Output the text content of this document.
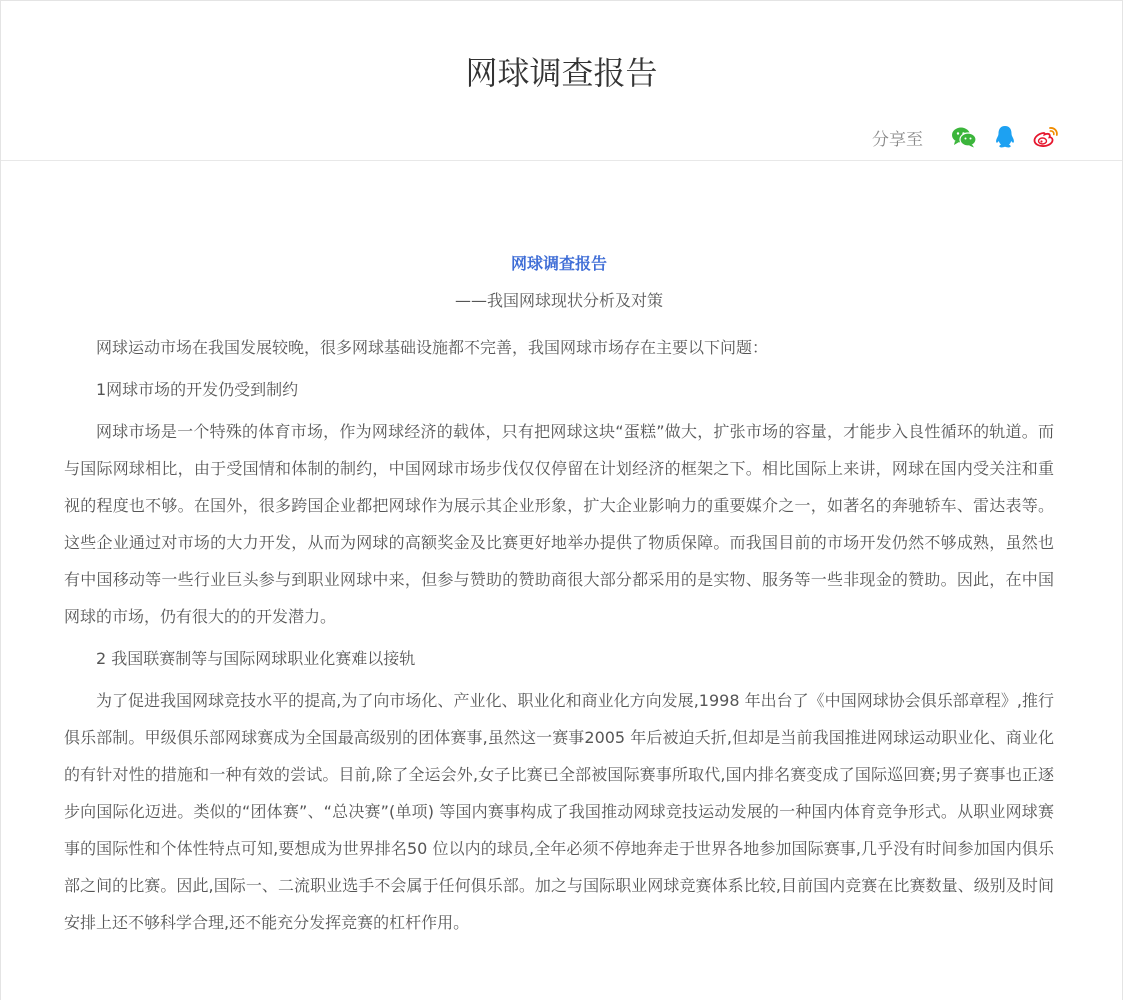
网球调查报告
分享至

网球调查报告

——我国网球现状分析及对策

网球运动市场在我国发展较晚，很多网球基础设施都不完善，我国网球市场存在主要以下问题：

1网球市场的开发仍受到制约

网球市场是一个特殊的体育市场，作为网球经济的载体，只有把网球这块“蛋糕”做大，扩张市场的容量，才能步入良性循环的轨道。而与国际网球相比，由于受国情和体制的制约，中国网球市场步伐仅仅停留在计划经济的框架之下。相比国际上来讲，网球在国内受关注和重视的程度也不够。在国外，很多跨国企业都把网球作为展示其企业形象，扩大企业影响力的重要媒介之一，如著名的奔驰轿车、雷达表等。这些企业通过对市场的大力开发，从而为网球的高额奖金及比赛更好地举办提供了物质保障。而我国目前的市场开发仍然不够成熟，虽然也有中国移动等一些行业巨头参与到职业网球中来，但参与赞助的赞助商很大部分都采用的是实物、服务等一些非现金的赞助。因此，在中国网球的市场，仍有很大的的开发潜力。

2 我国联赛制等与国际网球职业化赛难以接轨

为了促进我国网球竞技水平的提高,为了向市场化、产业化、职业化和商业化方向发展,1998 年出台了《中国网球协会俱乐部章程》,推行俱乐部制。甲级俱乐部网球赛成为全国最高级别的团体赛事,虽然这一赛事2005 年后被迫夭折,但却是当前我国推进网球运动职业化、商业化的有针对性的措施和一种有效的尝试。目前,除了全运会外,女子比赛已全部被国际赛事所取代,国内排名赛变成了国际巡回赛;男子赛事也正逐步向国际化迈进。类似的“团体赛”、“总决赛”(单项) 等国内赛事构成了我国推动网球竞技运动发展的一种国内体育竞争形式。从职业网球赛事的国际性和个体性特点可知,要想成为世界排名50 位以内的球员,全年必须不停地奔走于世界各地参加国际赛事,几乎没有时间参加国内俱乐部之间的比赛。因此,国际一、二流职业选手不会属于任何俱乐部。加之与国际职业网球竞赛体系比较,目前国内竞赛在比赛数量、级别及时间安排上还不够科学合理,还不能充分发挥竞赛的杠杆作用。
